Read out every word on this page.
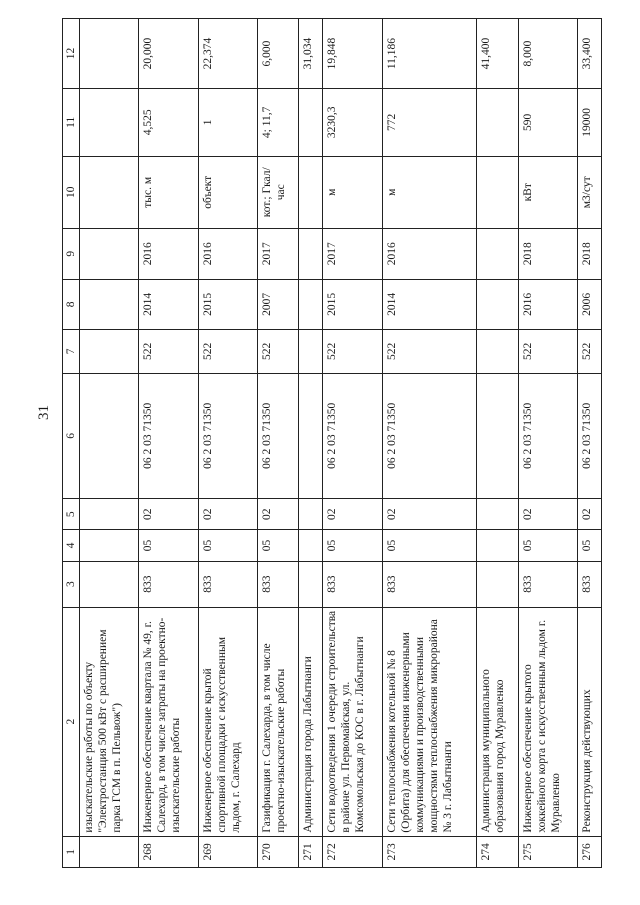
31
1	2	3	4	5	6	7	8	9	10	11	12
	изыскательские работы по объекту "Электростанция 500 кВт с расширением парка ГСМ в п. Пельвож")										
268	Инженерное обеспечение квартала № 49, г. Салехард, в том числе затраты на проектно-изыскательские работы	833	05	02	06 2 03 71350	522	2014	2016	тыс. м	4,525	20,000
269	Инженерное обеспечение крытой спортивной площадки с искусственным льдом, г. Салехард	833	05	02	06 2 03 71350	522	2015	2016	объект	1	22,374
270	Газификация г. Салехарда, в том числе проектно-изыскательские работы	833	05	02	06 2 03 71350	522	2007	2017	кот.; Гкал/час	4; 11,7	6,000
271	Администрация города Лабытнанги										31,034
272	Сети водоотведения 1 очереди строительства в районе ул. Первомайская, ул. Комсомольская до КОС в г. Лабытнанги	833	05	02	06 2 03 71350	522	2015	2017	м	3230,3	19,848
273	Сети теплоснабжения котельной № 8 (Орбита) для обеспечения инженерными коммуникациями и производственными мощностями теплоснабжения микрорайона № 3 г. Лабытнанги	833	05	02	06 2 03 71350	522	2014	2016	м	772	11,186
274	Администрация муниципального образования город Муравленко										41,400
275	Инженерное обеспечение крытого хоккейного корта с искусственным льдом г. Муравленко	833	05	02	06 2 03 71350	522	2016	2018	кВт	590	8,000
276	Реконструкция действующих	833	05	02	06 2 03 71350	522	2006	2018	м3/сут	19000	33,400
